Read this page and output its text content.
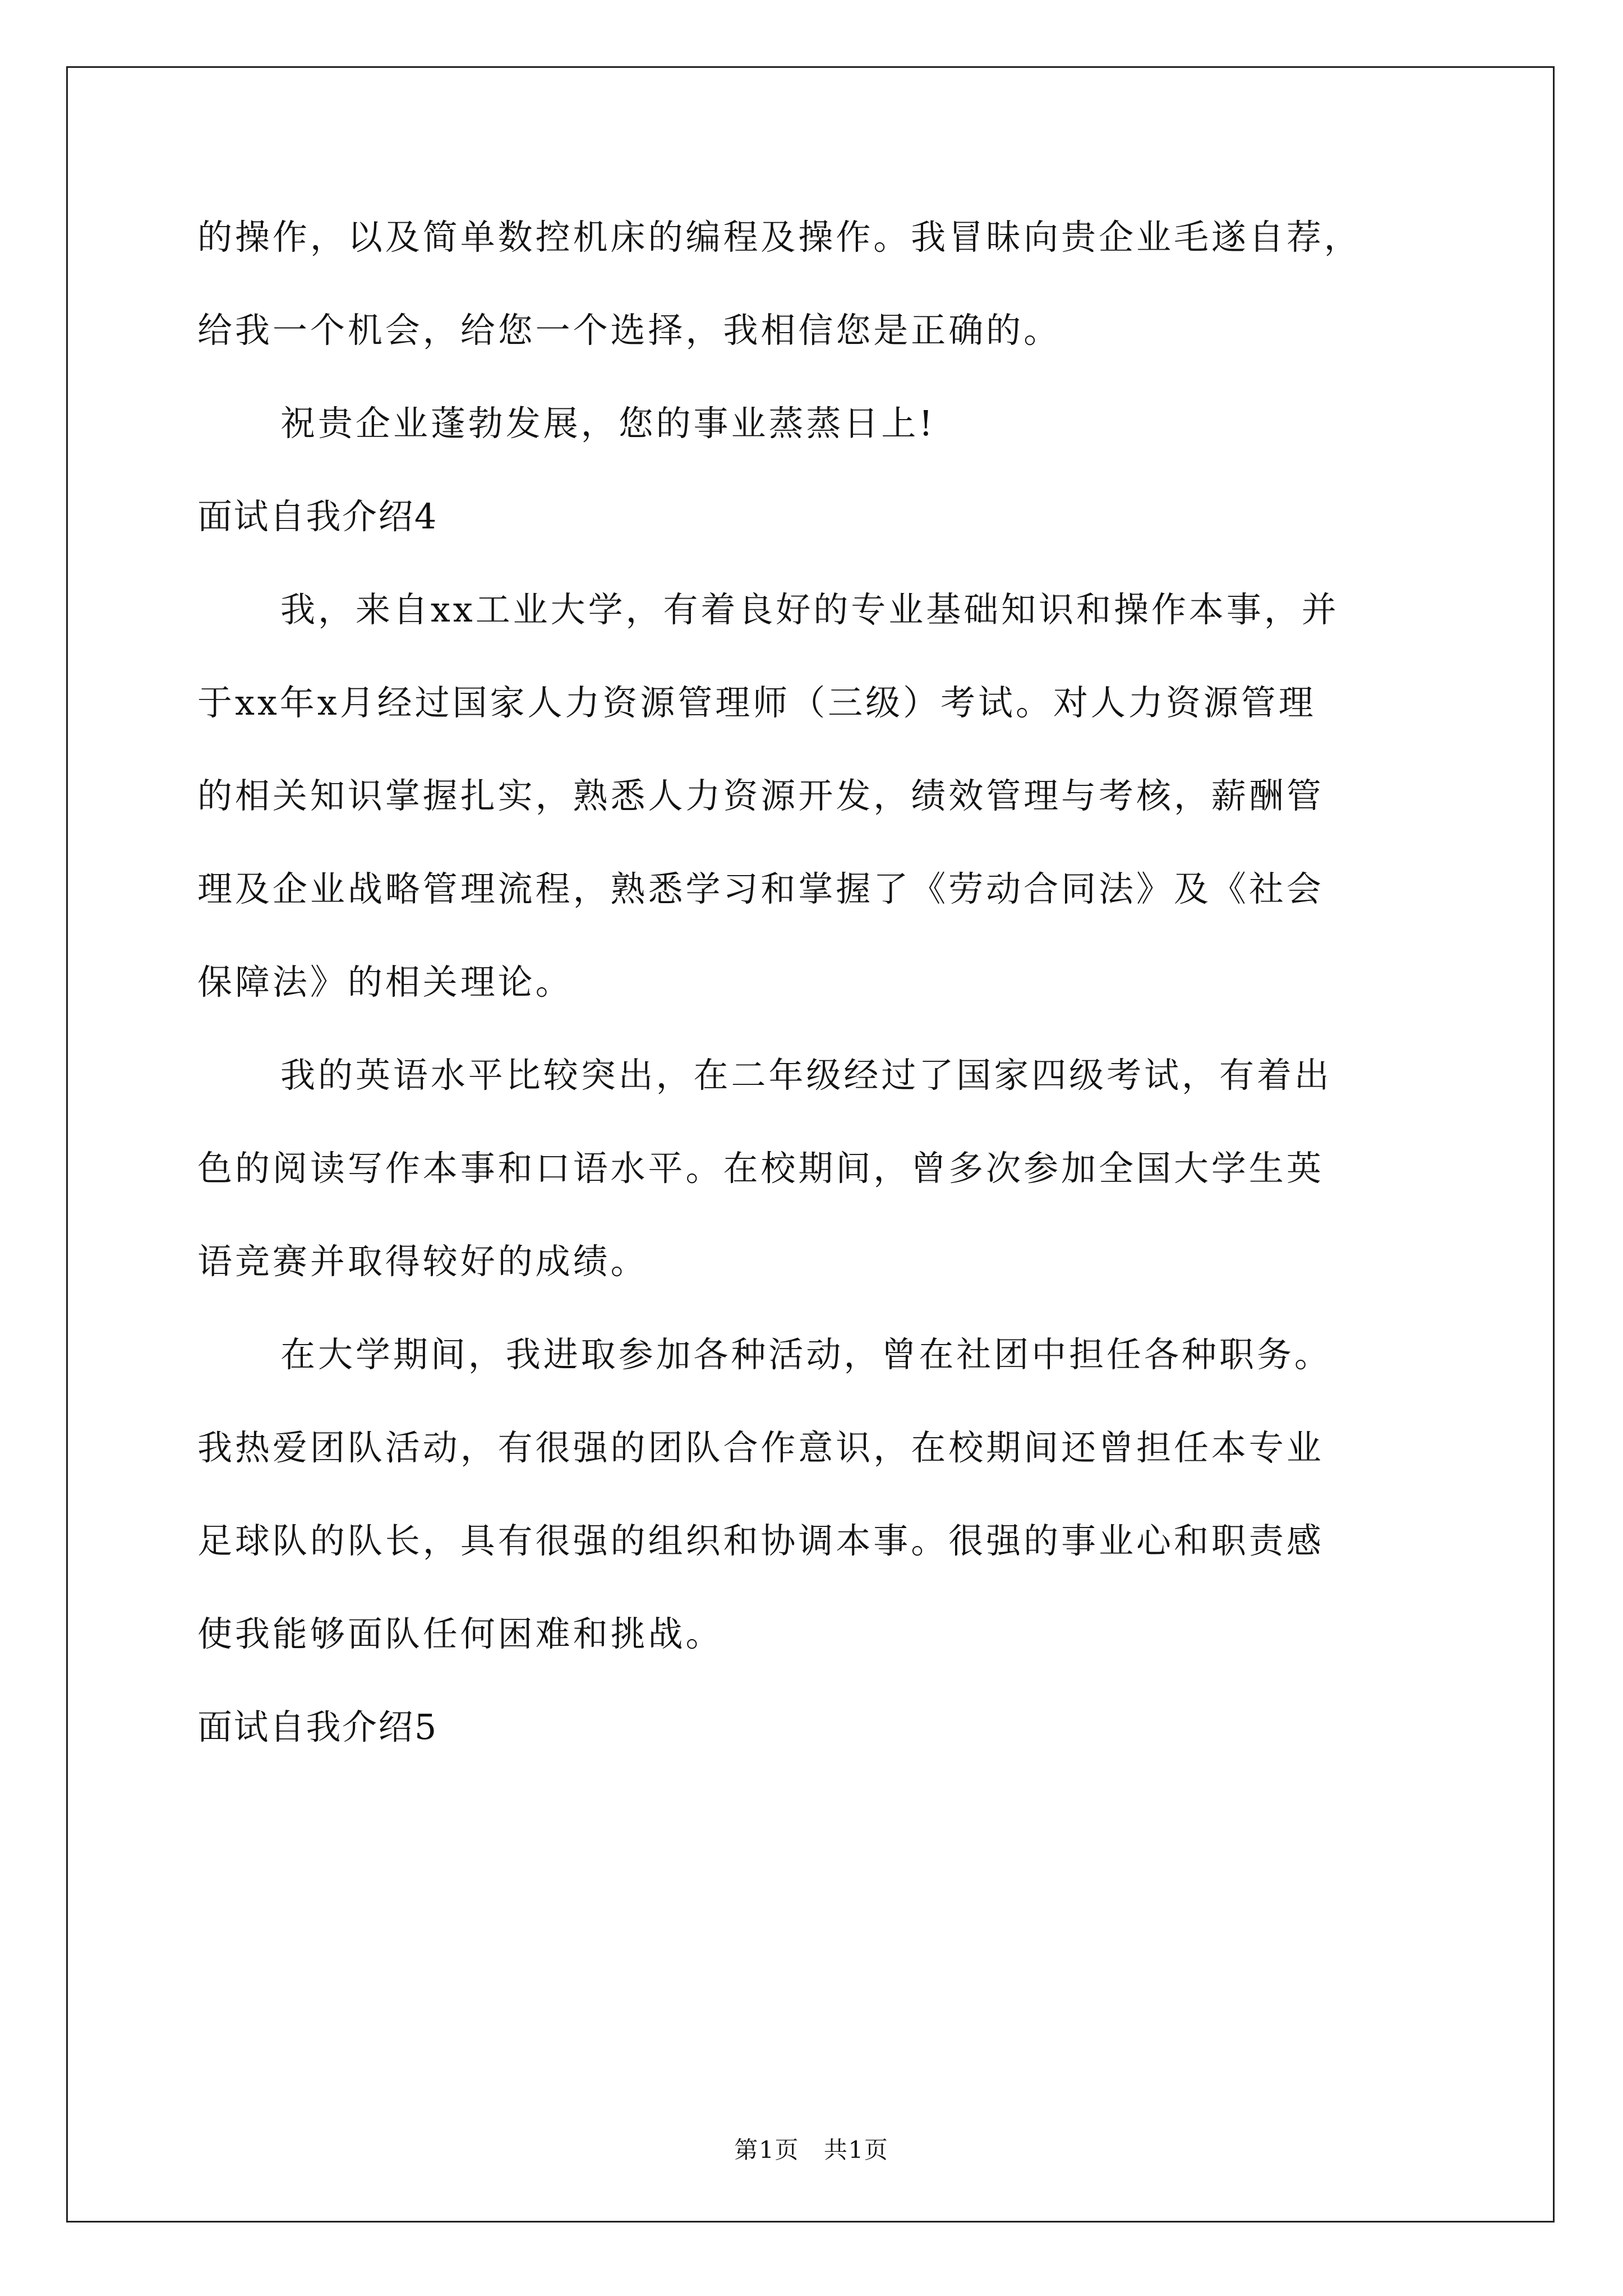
的操作，以及简单数控机床的编程及操作。我冒昧向贵企业毛遂自荐，
给我一个机会，给您一个选择，我相信您是正确的。
祝贵企业蓬勃发展，您的事业蒸蒸日上!
面试自我介绍4
我，来自xx工业大学，有着良好的专业基础知识和操作本事，并
于xx年x月经过国家人力资源管理师（三级）考试。对人力资源管理
的相关知识掌握扎实，熟悉人力资源开发，绩效管理与考核，薪酬管
理及企业战略管理流程，熟悉学习和掌握了《劳动合同法》及《社会
保障法》的相关理论。
我的英语水平比较突出，在二年级经过了国家四级考试，有着出
色的阅读写作本事和口语水平。在校期间，曾多次参加全国大学生英
语竞赛并取得较好的成绩。
在大学期间，我进取参加各种活动，曾在社团中担任各种职务。
我热爱团队活动，有很强的团队合作意识，在校期间还曾担任本专业
足球队的队长，具有很强的组织和协调本事。很强的事业心和职责感
使我能够面队任何困难和挑战。
面试自我介绍5
第1页　共1页
